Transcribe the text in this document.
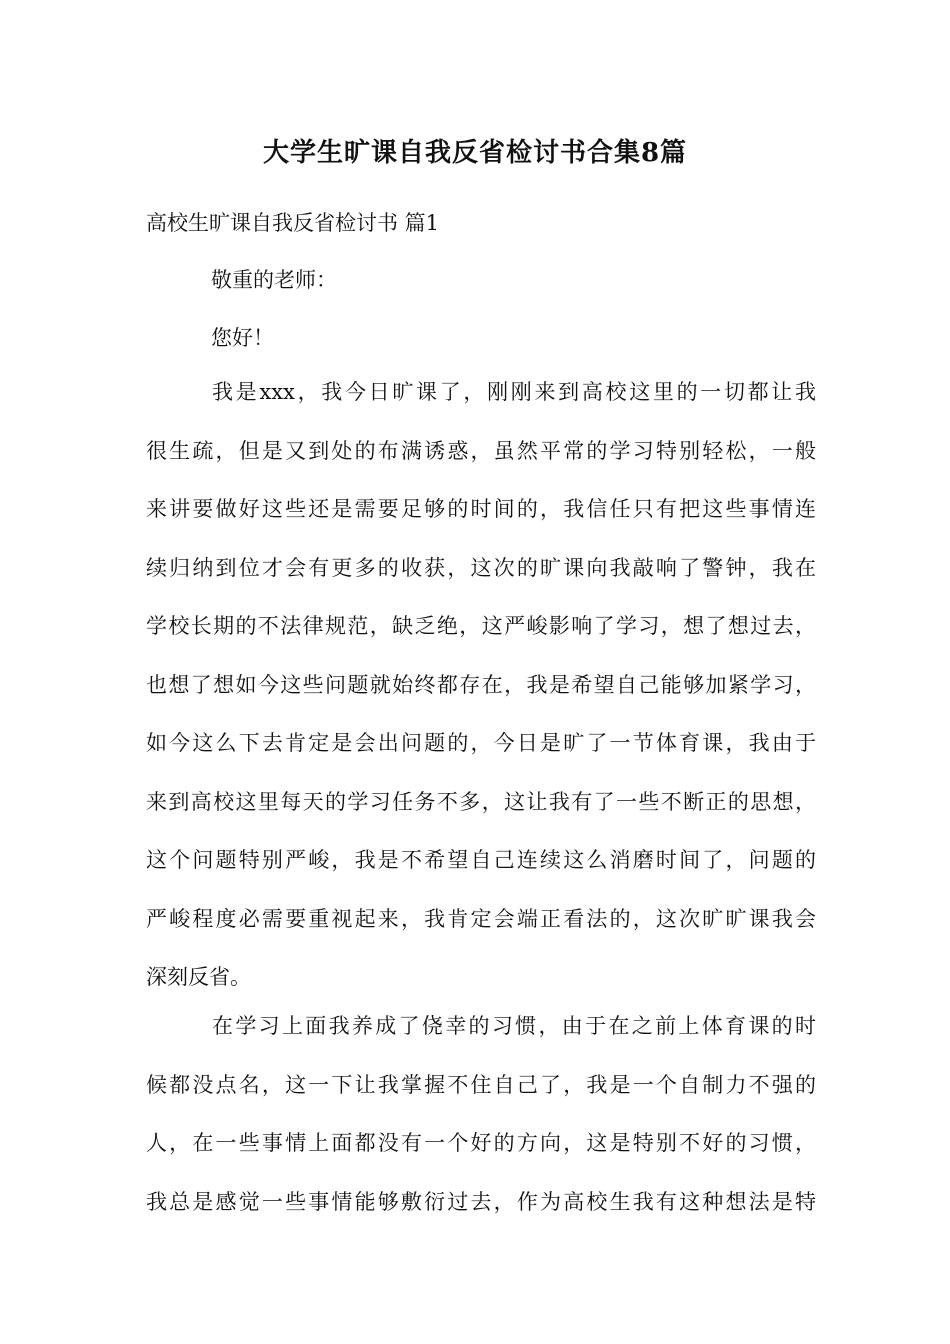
大学生旷课自我反省检讨书合集8篇
高校生旷课自我反省检讨书 篇1
敬重的老师：
您好！
我是xxx，我今日旷课了，刚刚来到高校这里的一切都让我
很生疏，但是又到处的布满诱惑，虽然平常的学习特别轻松，一般
来讲要做好这些还是需要足够的时间的，我信任只有把这些事情连
续归纳到位才会有更多的收获，这次的旷课向我敲响了警钟，我在
学校长期的不法律规范，缺乏绝，这严峻影响了学习，想了想过去，
也想了想如今这些问题就始终都存在，我是希望自己能够加紧学习，
如今这么下去肯定是会出问题的，今日是旷了一节体育课，我由于
来到高校这里每天的学习任务不多，这让我有了一些不断正的思想，
这个问题特别严峻，我是不希望自己连续这么消磨时间了，问题的
严峻程度必需要重视起来，我肯定会端正看法的，这次旷旷课我会
深刻反省。
在学习上面我养成了侥幸的习惯，由于在之前上体育课的时
候都没点名，这一下让我掌握不住自己了，我是一个自制力不强的
人，在一些事情上面都没有一个好的方向，这是特别不好的习惯，
我总是感觉一些事情能够敷衍过去，作为高校生我有这种想法是特
